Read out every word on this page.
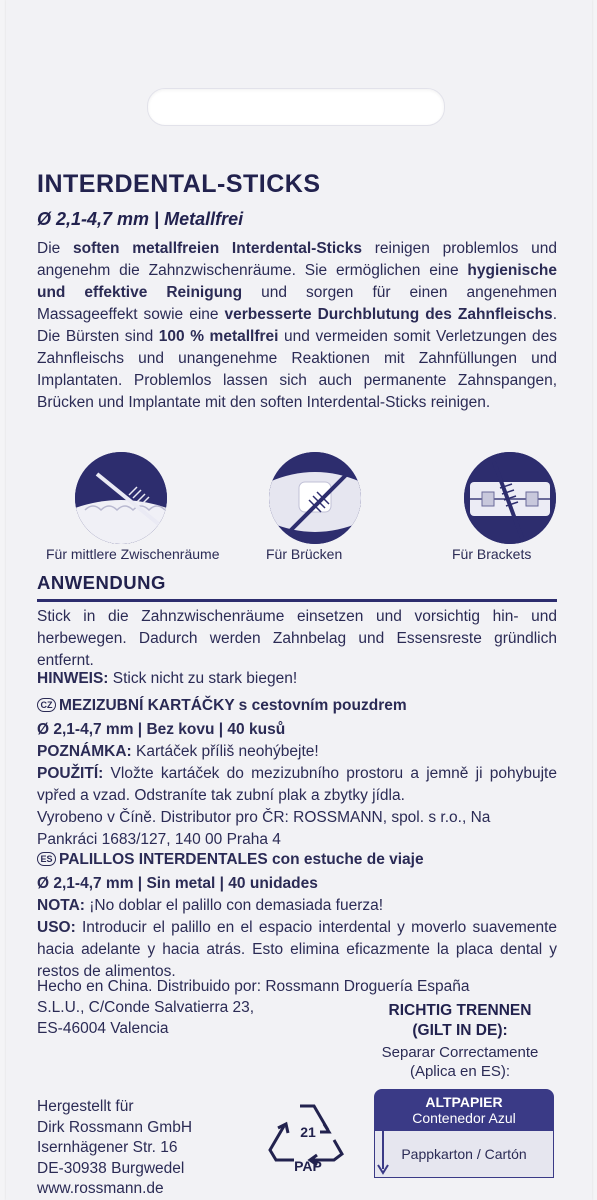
INTERDENTAL-STICKS
Ø 2,1-4,7 mm | Metallfrei
Die soften metallfreien Interdental-Sticks reinigen problemlos und angenehm die Zahnzwischenräume. Sie ermöglichen eine hygienische und effektive Reinigung und sorgen für einen angenehmen Massageeffekt sowie eine verbesserte Durchblutung des Zahnfleischs. Die Bürsten sind 100 % metallfrei und vermeiden somit Verletzungen des Zahnfleischs und unangenehme Reaktionen mit Zahnfüllungen und Implantaten. Problemlos lassen sich auch permanente Zahnspangen, Brücken und Implantate mit den soften Interdental-Sticks reinigen.
Für mittlere Zwischenräume	Für Brücken	Für Brackets
ANWENDUNG
Stick in die Zahnzwischenräume einsetzen und vorsichtig hin- und herbewegen. Dadurch werden Zahnbelag und Essensreste gründlich entfernt.
HINWEIS: Stick nicht zu stark biegen!
CZ MEZIZUBNÍ KARTÁČKY s cestovním pouzdrem
Ø 2,1-4,7 mm | Bez kovu | 40 kusů
POZNÁMKA: Kartáček příliš neohýbejte!
POUŽITÍ: Vložte kartáček do mezizubního prostoru a jemně ji pohybujte vpřed a vzad. Odstraníte tak zubní plak a zbytky jídla.
Vyrobeno v Číně. Distributor pro ČR: ROSSMANN, spol. s r.o., Na Pankráci 1683/127, 140 00 Praha 4
ES PALILLOS INTERDENTALES con estuche de viaje
Ø 2,1-4,7 mm | Sin metal | 40 unidades
NOTA: ¡No doblar el palillo con demasiada fuerza!
USO: Introducir el palillo en el espacio interdental y moverlo suavemente hacia adelante y hacia atrás. Esto elimina eficazmente la placa dental y restos de alimentos.
Hecho en China. Distribuido por: Rossmann Droguería España
S.L.U., C/Conde Salvatierra 23,
ES-46004 Valencia
RICHTIG TRENNEN
(GILT IN DE):
Separar Correctamente
(Aplica en ES):
ALTPAPIER
Contenedor Azul
Pappkarton / Cartón
Hergestellt für
Dirk Rossmann GmbH
Isernhägener Str. 16
DE-30938 Burgwedel
www.rossmann.de
21
PAP
